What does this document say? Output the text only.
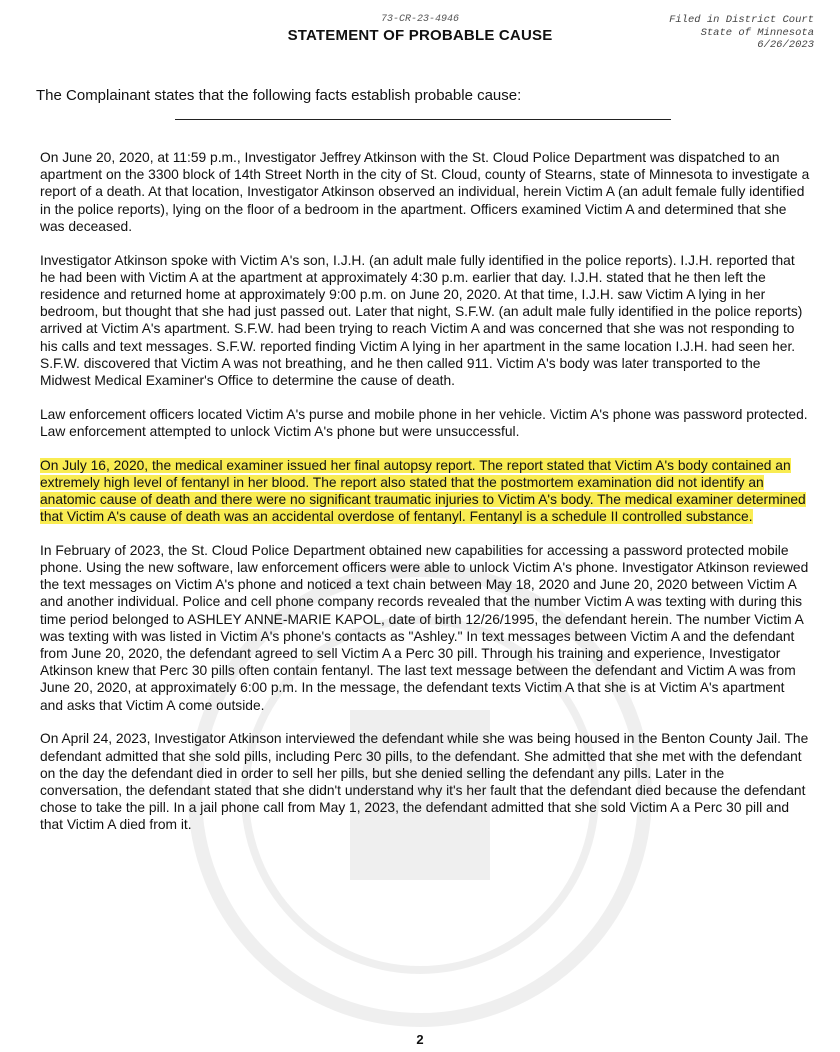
73-CR-23-4946
STATEMENT OF PROBABLE CAUSE
Filed in District Court
State of Minnesota
6/26/2023
The Complainant states that the following facts establish probable cause:

On June 20, 2020, at 11:59 p.m., Investigator Jeffrey Atkinson with the St. Cloud Police Department was dispatched to an apartment on the 3300 block of 14th Street North in the city of St. Cloud, county of Stearns, state of Minnesota to investigate a report of a death. At that location, Investigator Atkinson observed an individual, herein Victim A (an adult female fully identified in the police reports), lying on the floor of a bedroom in the apartment. Officers examined Victim A and determined that she was deceased.

Investigator Atkinson spoke with Victim A's son, I.J.H. (an adult male fully identified in the police reports). I.J.H. reported that he had been with Victim A at the apartment at approximately 4:30 p.m. earlier that day. I.J.H. stated that he then left the residence and returned home at approximately 9:00 p.m. on June 20, 2020. At that time, I.J.H. saw Victim A lying in her bedroom, but thought that she had just passed out. Later that night, S.F.W. (an adult male fully identified in the police reports) arrived at Victim A's apartment. S.F.W. had been trying to reach Victim A and was concerned that she was not responding to his calls and text messages. S.F.W. reported finding Victim A lying in her apartment in the same location I.J.H. had seen her. S.F.W. discovered that Victim A was not breathing, and he then called 911. Victim A's body was later transported to the Midwest Medical Examiner's Office to determine the cause of death.

Law enforcement officers located Victim A's purse and mobile phone in her vehicle. Victim A's phone was password protected. Law enforcement attempted to unlock Victim A's phone but were unsuccessful.

On July 16, 2020, the medical examiner issued her final autopsy report. The report stated that Victim A's body contained an extremely high level of fentanyl in her blood. The report also stated that the postmortem examination did not identify an anatomic cause of death and there were no significant traumatic injuries to Victim A's body. The medical examiner determined that Victim A's cause of death was an accidental overdose of fentanyl. Fentanyl is a schedule II controlled substance.

In February of 2023, the St. Cloud Police Department obtained new capabilities for accessing a password protected mobile phone. Using the new software, law enforcement officers were able to unlock Victim A's phone. Investigator Atkinson reviewed the text messages on Victim A's phone and noticed a text chain between May 18, 2020 and June 20, 2020 between Victim A and another individual. Police and cell phone company records revealed that the number Victim A was texting with during this time period belonged to ASHLEY ANNE-MARIE KAPOL, date of birth 12/26/1995, the defendant herein. The number Victim A was texting with was listed in Victim A's phone's contacts as "Ashley." In text messages between Victim A and the defendant from June 20, 2020, the defendant agreed to sell Victim A a Perc 30 pill. Through his training and experience, Investigator Atkinson knew that Perc 30 pills often contain fentanyl. The last text message between the defendant and Victim A was from June 20, 2020, at approximately 6:00 p.m. In the message, the defendant texts Victim A that she is at Victim A's apartment and asks that Victim A come outside.

On April 24, 2023, Investigator Atkinson interviewed the defendant while she was being housed in the Benton County Jail. The defendant admitted that she sold pills, including Perc 30 pills, to the defendant. She admitted that she met with the defendant on the day the defendant died in order to sell her pills, but she denied selling the defendant any pills. Later in the conversation, the defendant stated that she didn't understand why it's her fault that the defendant died because the defendant chose to take the pill. In a jail phone call from May 1, 2023, the defendant admitted that she sold Victim A a Perc 30 pill and that Victim A died from it.

2
